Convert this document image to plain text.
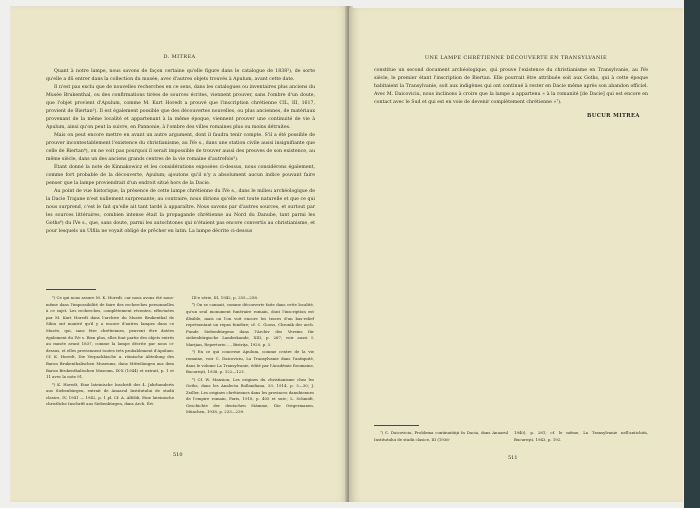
D. MITREA

Quant à notre lampe, nous savons de façon certaine qu'elle figure dans le catalogue de 1838²), de sorte qu'elle a dû entrer dans la collection du musée, avec d'autres objets trouvés à Apulum, avant cette date.

Il n'est pas exclu que de nouvelles recherches en ce sens, dans les catalogues ou inventaires plus anciens du Musée Brukenthal, ou des confirmations tirées de sources écrites, viennent prouver, sans l'ombre d'un doute, que l'objet provient d'Apulum, comme M. Kurt Horedt a prouvé que l'inscription chrétienne CIL, III, 1617, provient de Biertan³). Il est également possible que des découvertes nouvelles, ou plus anciennes, de matériaux provenant de la même localité et appartenant à la même époque, viennent prouver une continuité de vie à Apulum, ainsi qu'on peut la suivre, en Pannonie, à l'ombre des villes romaines plus ou moins détruites.

Mais on peut encore mettre en avant un autre argument, dont il faudra tenir compte. S'il a été possible de prouver incontestablement l'existence du christianisme, au IVe s., dans une station civile aussi insignifiante que celle de Biertan⁴), on ne voit pas pourquoi il serait impossible de trouver aussi des preuves de son existence, au même siècle, dans un des anciens grands centres de la vie romaine d'autrefois⁵).

Étant donné la note de Kinnakowicz et les considérations exposées ci-dessus, nous considérons également, comme fort probable de la découverte, Apulum; ajoutons qu'il n'y a absolument aucun indice pouvant faire penser que la lampe proviendrait d'un endroit situé hors de la Dacie.

Au point de vue historique, la présence de cette lampe chrétienne du IVe s., dans le milieu archéologique de la Dacie Trajane n'est nullement surprenante; au contraire, nous dirions qu'elle est toute naturelle et que ce qui nous surprend, c'est le fait qu'elle ait tant tardé à apparaître. Nous savons par d'autres sources, et surtout par les sources littéraires, combien intense était la propagande chrétienne au Nord du Danube, tant parmi les Goths⁶) du IVe s., que, sans doute, parmi les autochtones qui n'étaient pas encore convertis au christianisme, et pour lesquels un Ulfila ne voyait obligé de prêcher en latin. La lampe décrite ci-dessus

²) Ce qui nous assure M. K. Horedt, car nous avons été nous-même dans l'impossibilité de faire des recherches personnelles à ce sujet. Les recherches, complètement récentes, effectuées par M. Kurt Horedt dans l'archive du Musée Brukenthal de Sibiu ont montré qu'il y a encore d'autres lampes dans ce Musée, qui, sans être chrétiennes, peuvent être datées également du IVe s. Rien plus, elles font partie des objets entrés au musée avant 1837, comme la lampe décrite par nous ci-dessus, et elles proviennent toutes très probablement d'Apulum: Cf. K. Horedt, Die Verpackhische u. römische Abteilung des Baron Brukenthalischen Museums, dans Mitteilungen aus dem Baron Brukenthalischen Museum, IX-X (1944) et extrait, p. 1 et 11 avec la note 91.

³) K. Horedt, Eine lateinische Inschrift des 4. Jahrhunderts aus Siebenbürgen, extrait de Anuarul Institutului de studii clasice, IV, 1941 — 1942, p. 1 pl. Cf. A. Alföldi, Eine lateinische christliche Inschrift aus Siebenbürgen, dans Arch. Ért.

III-e série, III, 1942, p. 255—258.

⁴) On se connait, comme découverte faite dans cette localité, qu'un seul monument funéraire romain, dont l'inscription est illisible, mais on l'on voit encore les traces d'un bas-relief représentant un repas funèbre; cf. C. Gooss, Chronik der arch. Funde Siebenbürgens dans l'Archiv des Vereins für siebenbürgische Landeskunde, XIII, p. 267; voir aussi I. Marţian, Repertoriu ..., Bistriţa, 1920, p. 3.

⁵) En ce qui concerne Apulum, comme centre de la vie romaine, voir C. Daicoviciu, La Transylvanie dans l'antiquité, dans le volume La Transylvanie, édité par l'Académie Roumaine, Bucureşti, 1938, p. 122—123.

⁶) Cf. W. Mansion, Les origines du christianisme chez les Goths, dans les Analecta Bollandiana, 33, 1914, p. 5—30; J. Zeiller, Les origines chrétiennes dans les provinces danubiennes de l'empire romain, Paris, 1918, p. 405 et suiv.; L. Schmidt, Geschichte der deutschen Stämme, Die Ostgermanen, München, 1938, p. 233—239.

510
UNE LAMPE CHRÉTIENNE DÉCOUVERTE EN TRANSYLVANIE

constitue un second document archéologique, qui prouve l'existence du christianisme en Transylvanie, au IVe siècle, le premier étant l'inscription de Biertan. Elle pourrait être attribuée soit aux Goths, qui à cette époque habitaient la Transylvanie, soit aux indigènes qui ont continué à rester en Dacie même après son abandon officiel. Avec M. Daicoviciu, nous inclinons à croire que la lampe a appartenu « à la romanité [de Dacie] qui est encore en contact avec le Sud et qui est en voie de devenir complètement chrétienne »⁷).

BUCUR MITREA

⁷) C. Daicoviciu, Problema continuităţii în Dacia, dans Anuarul Institutului de studii clasice, III (1936-

1940), p. 261; cf. le même, La Transylvanie nell'antichità, Bucureşti, 1943, p. 192.

511
